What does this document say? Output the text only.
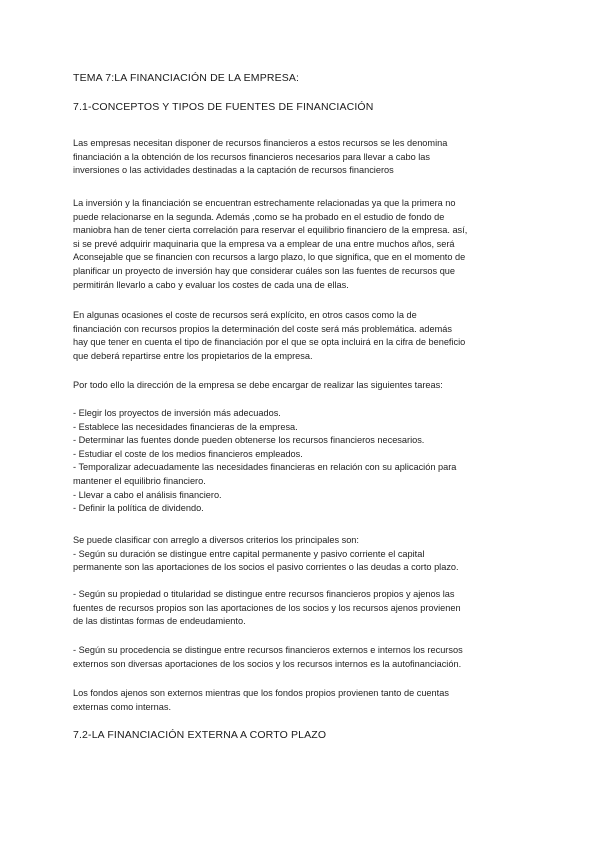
TEMA 7:LA FINANCIACIÓN DE LA EMPRESA:
7.1-CONCEPTOS Y TIPOS DE FUENTES DE FINANCIACIÓN
Las empresas necesitan disponer de recursos financieros a estos recursos se les denomina
financiación a la obtención de los recursos financieros necesarios para llevar a cabo las
inversiones o las actividades destinadas a la captación de recursos financieros
La inversión y la financiación se encuentran estrechamente relacionadas ya que la primera no
puede relacionarse en la segunda. Además ,como se ha probado en el estudio de fondo de
maniobra han de tener cierta correlación para reservar el equilibrio financiero de la empresa. así,
si se prevé adquirir maquinaria que la empresa va a emplear de una entre muchos años, será
Aconsejable que se financien con recursos a largo plazo, lo que significa, que en el momento de
planificar un proyecto de inversión hay que considerar cuáles son las fuentes de recursos que
permitirán llevarlo a cabo y evaluar los costes de cada una de ellas.
En algunas ocasiones el coste de recursos será explícito, en otros casos como la de
financiación con recursos propios la determinación del coste será más problemática. además
hay que tener en cuenta el tipo de financiación por el que se opta incluirá en la cifra de beneficio
que deberá repartirse entre los propietarios de la empresa.
Por todo ello la dirección de la empresa se debe encargar de realizar las siguientes tareas:
- Elegir los proyectos de inversión más adecuados.
- Establece las necesidades financieras de la empresa.
- Determinar las fuentes donde pueden obtenerse los recursos financieros necesarios.
- Estudiar el coste de los medios financieros empleados.
- Temporalizar adecuadamente las necesidades financieras en relación con su aplicación para
mantener el equilibrio financiero.
- Llevar a cabo el análisis financiero.
- Definir la política de dividendo.
Se puede clasificar con arreglo a diversos criterios los principales son:
- Según su duración se distingue entre capital permanente y pasivo corriente el capital
permanente son las aportaciones de los socios el pasivo corrientes o las deudas a corto plazo.
- Según su propiedad o titularidad se distingue entre recursos financieros propios y ajenos las
fuentes de recursos propios son las aportaciones de los socios y los recursos ajenos provienen
de las distintas formas de endeudamiento.
- Según su procedencia se distingue entre recursos financieros externos e internos los recursos
externos son diversas aportaciones de los socios y los recursos internos es la autofinanciación.
Los fondos ajenos son externos mientras que los fondos propios provienen tanto de cuentas
externas como internas.
7.2-LA FINANCIACIÓN EXTERNA A CORTO PLAZO
